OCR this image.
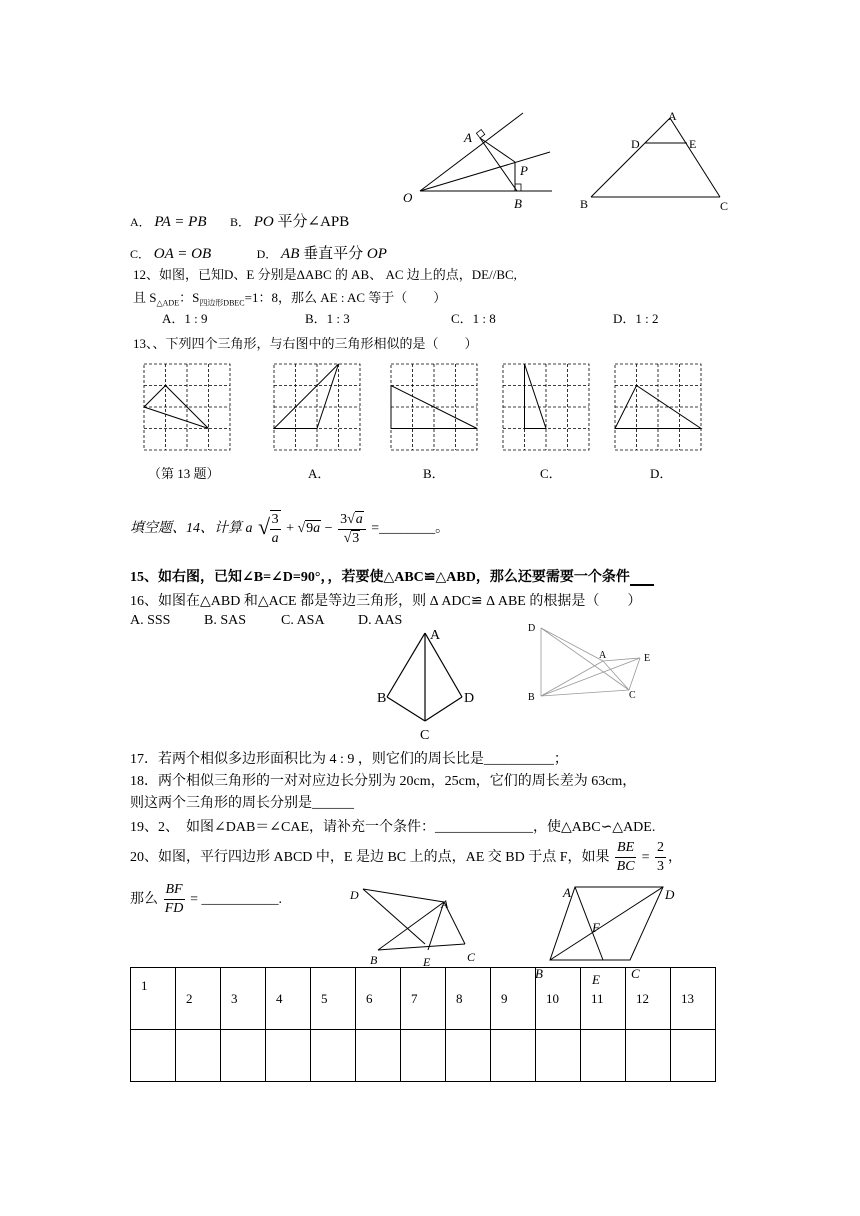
A
P
O	B
A
D	E
B	C
A． PA = PB B． PO 平分∠APB
C． OA = OB	D． AB 垂直平分 OP
12、如图，已知D、E 分别是ΔABC 的 AB、 AC 边上的点，DE//BC,
且 $S_{\triangle ADE}$：$S_{四边形DBEC}=1$：8，那么 AE : AC 等于（　　）
A．1 : 9	B．1 : 3	C．1 : 8	D．1 : 2
13、、下列四个三角形，与右图中的三角形相似的是（　　）
（第 13 题）	A．	B．	C．	D．
填空题、14、计算 a √ $\frac{3}{a} + √9a - \frac{3√a}{√3}$ =________。
15、如右图，已知∠B=∠D=90°，，若要使△ABC≌△ABD，那么还要需要一个条件
16、如图在△ABD 和△ACE 都是等边三角形，则 Δ ADC≌ Δ ABE 的根据是（　　）
A. SSS B. SAS C. ASA D. AAS
A
B	D
C
D
A	E
B	C
17．若两个相似多边形面积比为 4 : 9 ，则它们的周长比是__________；
18．两个相似三角形的一对对应边长分别为 20cm，25cm，它们的周长差为 63cm，
则这两个三角形的周长分别是______
19、2、　如图∠DAB＝∠CAE，请补充一个条件：______________，使△ABC∽△ADE.
20、如图，平行四边形 ABCD 中，E 是边 BC 上的点，AE 交 BD 于点 F，如果 $\frac{BE}{BC} = \frac{2}{3}$ ，
那么 $\frac{BF}{FD}$ = ___________.	D
A
B	E	C
A	D
F
B	E C
1	2	3	4	5	6	7	8	9	10	11	12	13
